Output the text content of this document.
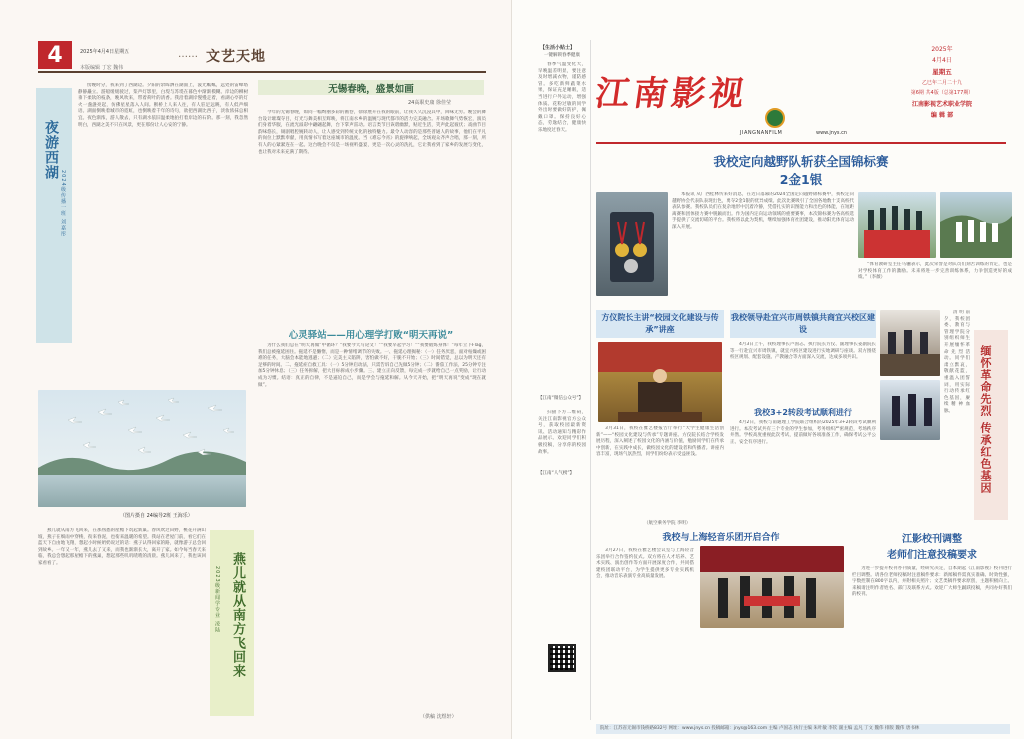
4	2025年4月4日星期五
本版编辑 丁宏 魏伟
…… 文艺天地
夜游西湖
2024级传播一班 刘嘉彤

傍晚时分，我来到了西湖边。夕阳的余晖洒在湖面上，波光粼粼，远处的雷峰塔静静矗立。游船缓缓驶过，桨声灯影里，白堤与苏堤在暮色中渐渐模糊。岸边的柳树垂下柔软的枝条，晚风吹来，带着荷叶的清香。我沿着湖岸慢慢走着，看湖心亭的灯火一盏盏亮起，仿佛星星落入人间。断桥上人来人往，有人驻足远眺，有人低声细语。湖面倒映着城市的霓虹，也倒映着千年的诗句，欲把西湖比西子，淡妆浓抹总相宜。夜色渐浓，游人散去，只有湖水依旧温柔地拍打着岸边的石阶。那一刻，我忽然明白，西湖之美不只在风景，更在那份让人心安的宁静。

（图片摄自 24编导2班 王海乐）

燕儿就从南方飞回来，在那熟悉的屋檐下筑起新巢。春风吹过田野，桃花开满山坡，燕子在细雨中穿梭，衔来春泥，也衔来温暖的希望。我站在老屋门前，看它们在蓝天下自由地飞翔，想起小时候奶奶说过的话：燕子认得回家的路，就像游子总会回到故乡。一年又一年，燕儿去了又来，而我也渐渐长大，离开了家。如今每当春天来临，我总会想起那屋檐下的燕巢，想起那些叽叽喳喳的清晨。燕儿回来了，我也该回家看看了。	燕儿就从南方飞回来
2023级新闻学专业 凌陆
无锡春晚，盛景如画
24高职史康 徐佳莹

今年的无锡春晚，如同一幅绚丽多彩的画卷，徐徐展开在我的眼前，让我久久沉浸其中，回味无穷。晚会的舞台设计璀璨夺目，灯光与舞美相互辉映，将江南水乡的温婉与现代都市的活力完美融合。开场歌舞气势恢宏，演员们身着华服，在流光溢彩中翩翩起舞，台下掌声雷动。语言类节目诙谐幽默，贴近生活，笑声此起彼伏；戏曲节目韵味悠长，锡剧唱腔婉转动人，让人感受到传统文化的独特魅力。最令人动容的是那些普通人的故事，他们在平凡的岗位上默默奉献，用真情书写着这座城市的温度。当《难忘今宵》的旋律响起，全场观众齐声合唱，那一刻，所有人的心紧紧连在一起。这台晚会不仅是一场视听盛宴，更是一次心灵的洗礼，它让我看到了家乡的发展与变化，也让我对未来充满了期待。

心灵驿站——用心理学打败“明天再说”

为什么我们总在“明天再做”中循环？“我要今天写论文！”“我要早起学习！”“我要锻炼身体！”每年立下Flag，我们总被拖延困住。拖延不是懒惰，而是一种情绪调节的失败。一、拖延心理揭秘：（一）任务厌恶，面对枯燥或困难的任务，大脑会本能地逃避；（二）完美主义陷阱，害怕做不好，干脆不开始；（三）时间错觉，总以为明天还有足够的时间。二、拖延症自救工具：（一）5分钟启动法，只需告诉自己先做5分钟；（二）番茄工作法，25分钟专注加5分钟休息；（三）任务拆解，把大目标拆成小步骤。三、建立正向反馈，每完成一步就给自己一点奖励，让行动成为习惯。结语：真正的自律，不是逼迫自己，而是学会与拖延和解。从今天开始，把“明天再说”变成“现在就做”。

（供稿 沈煜轩）
【生活小贴士】
一键解锁春季健康

春季气温变化大，早晚温差明显，要注意及时增减衣物，谨防感冒。多吃新鲜蔬菜水果，保证充足睡眠，适当进行户外运动，增强体质。花粉过敏的同学外出时要做好防护，佩戴口罩。保持良好心态，劳逸结合，健康快乐地度过春天。

【江南“微信公众号”】

扫描下方二维码，关注江南影视官方公众号，获取校园最新资讯、活动通知与精彩作品展示。欢迎同学们积极投稿，分享你的校园故事。

【江南“人气榜”】
江南影视
JIANGNANFILM	www.jnys.cn
2025年
4月4日
星期五
乙巳年二月二十九
第6期 共4版（总第177期）
江南影视艺术职业学院
编 辑 部
我校定向越野队斩获全国锦标赛
2金1银

本报讯 从广西桂林传来好消息，在近日落幕的2024全国定向越野锦标赛中，我校定向越野协会代表队表现出色，勇夺2金1银的优异成绩。此次比赛吸引了全国各地数十支高校代表队参赛。我校队员们在复杂地形中沉着冷静，凭借扎实的识图能力和出色的体能，在短距离赛和团体接力赛中脱颖而出。作为国内定向运动领域的重要赛事，本次锦标赛为各高校选手提供了交流切磋的平台。我校将以此为契机，继续加强体育社团建设，推动阳光体育运动深入开展。

“体育教研室主任马骊表示，此次荣誉是对队员们刻苦训练的肯定，也是对学校体育工作的激励。未来将进一步完善训练体系，力争创造更好的成绩。”（李薇）

方仪院长主讲“校园文化建设与传承”讲座

3月31日，我校在雅艺楼报告厅举行“大学生健康生活创新”——“校园文化建设与传承”专题讲座。方仪院长结合学校发展历程，深入阐述了校园文化的内涵与价值，勉励同学们在传承中创新，在实践中成长，做校园文化的建设者和传播者。讲座内容丰富，现场气氛热烈，同学们纷纷表示受益匪浅。

（航空乘务学院 李明）
我校领导赴宜兴市周铁镇共商宜兴校区建设

4月3日上午，我校理事长卢国志、执行院长方仪、副理事长姜副院长等一行赴宜兴市周铁镇，就宜兴校区建设进行实地调研与座谈。双方围绕校区规划、配套设施、产教融合等方面深入交流，达成多项共识。

我校3+2转段考试顺利进行

4月2日，我校与南通理工学院联合组织的2025年3+2转段考试顺利进行。本次考试共有三个专业的学生参加，考务组织严密规范，考场秩序井然。学校高度重视此次考试，提前做好各项准备工作，确保考试公平公正、安全有序进行。	缅怀革命先烈 传承红色基因

清明前夕，我校团委、教育与管理学院分别组织师生开展缅怀革命先烈活动。同学们肃立默哀，敬献花篮，重温入团誓词，用实际行动传承红色基因，赓续精神血脉。

我校与上海轻音乐团开启合作

3月27日，我校在雅艺楼会议室与上海轻音乐团举行合作签约仪式。双方将在人才培养、艺术实践、演出创作等方面开展深度合作，共同搭建校团联动平台，为学生提供更多专业实践机会，推动音乐表演专业高质量发展。

江影校刊调整
老师们注意投稿要求

为进一步提升校刊办刊质量，经研究决定，自本期起《江南影视》校刊进行栏目调整。请各位老师投稿时注意稿件要求：新闻稿件需真实准确、时效性强，字数控制在800字以内，并附相关照片；文艺类稿件要求原创，主题积极向上。来稿请注明作者姓名、部门及联系方式。欢迎广大师生踊跃投稿，共同办好我们的校刊。

院址：江苏省无锡市钱桥路832号 网址：www.jnys.cn 投稿邮箱：jnys@163.com 主编 卢国志 执行主编 朱叶敏 李钦 副主编 孟凡 丁文 魏伟 排版 魏伟 唐书林
